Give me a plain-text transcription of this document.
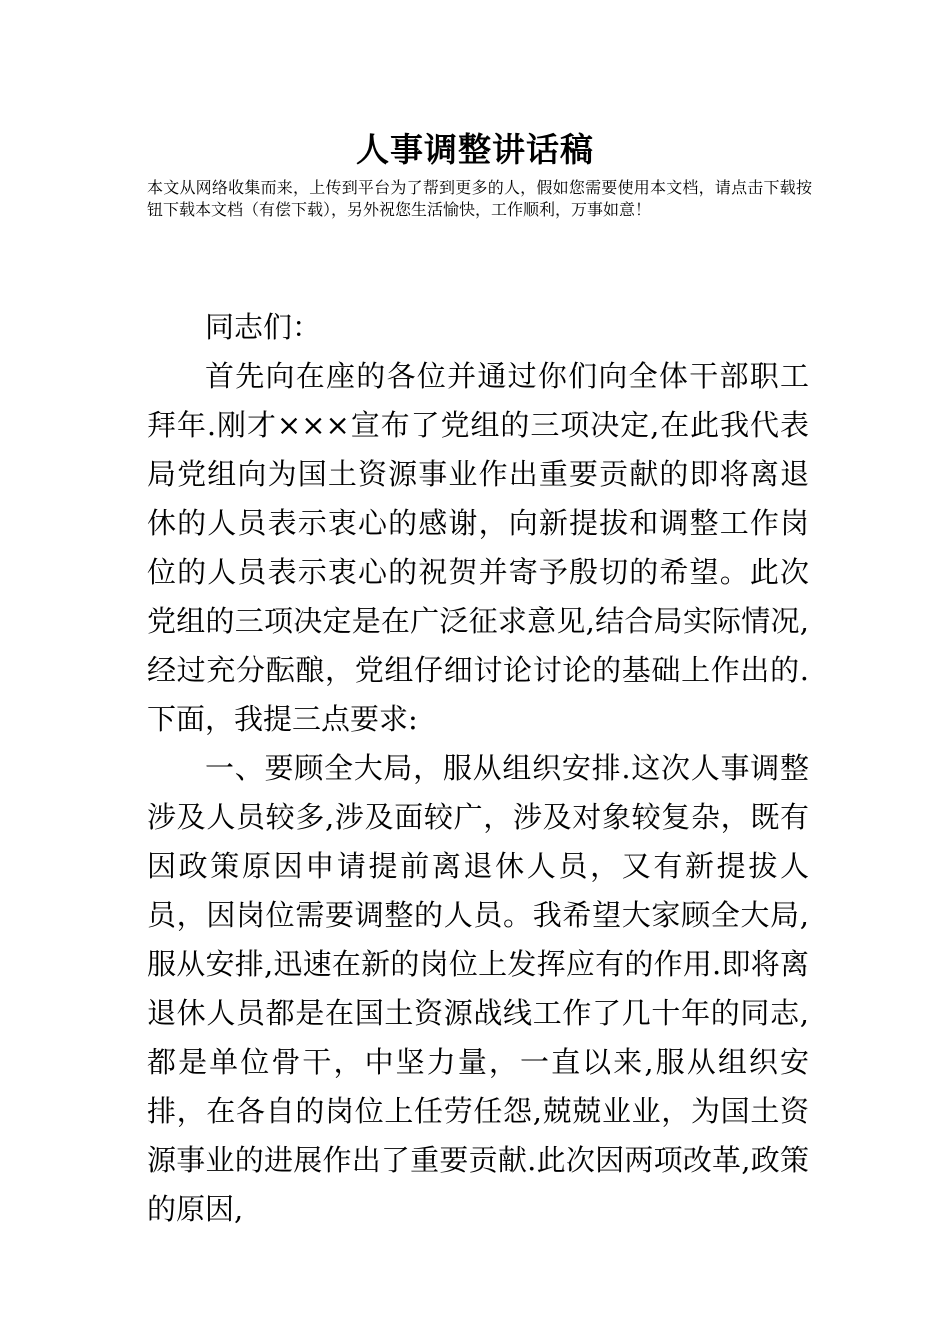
人事调整讲话稿
本文从网络收集而来，上传到平台为了帮到更多的人，假如您需要使用本文档，请点击下载按钮下载本文档（有偿下载），另外祝您生活愉快，工作顺利，万事如意！

同志们：

首先向在座的各位并通过你们向全体干部职工拜年.刚才×××宣布了党组的三项决定,在此我代表局党组向为国土资源事业作出重要贡献的即将离退休的人员表示衷心的感谢，向新提拔和调整工作岗位的人员表示衷心的祝贺并寄予殷切的希望。此次党组的三项决定是在广泛征求意见,结合局实际情况,经过充分酝酿，党组仔细讨论讨论的基础上作出的.下面，我提三点要求:

一、要顾全大局，服从组织安排.这次人事调整涉及人员较多,涉及面较广，涉及对象较复杂，既有因政策原因申请提前离退休人员，又有新提拔人员，因岗位需要调整的人员。我希望大家顾全大局,服从安排,迅速在新的岗位上发挥应有的作用.即将离退休人员都是在国土资源战线工作了几十年的同志,都是单位骨干，中坚力量，一直以来,服从组织安排，在各自的岗位上任劳任怨,兢兢业业，为国土资源事业的进展作出了重要贡献.此次因两项改革,政策的原因,
